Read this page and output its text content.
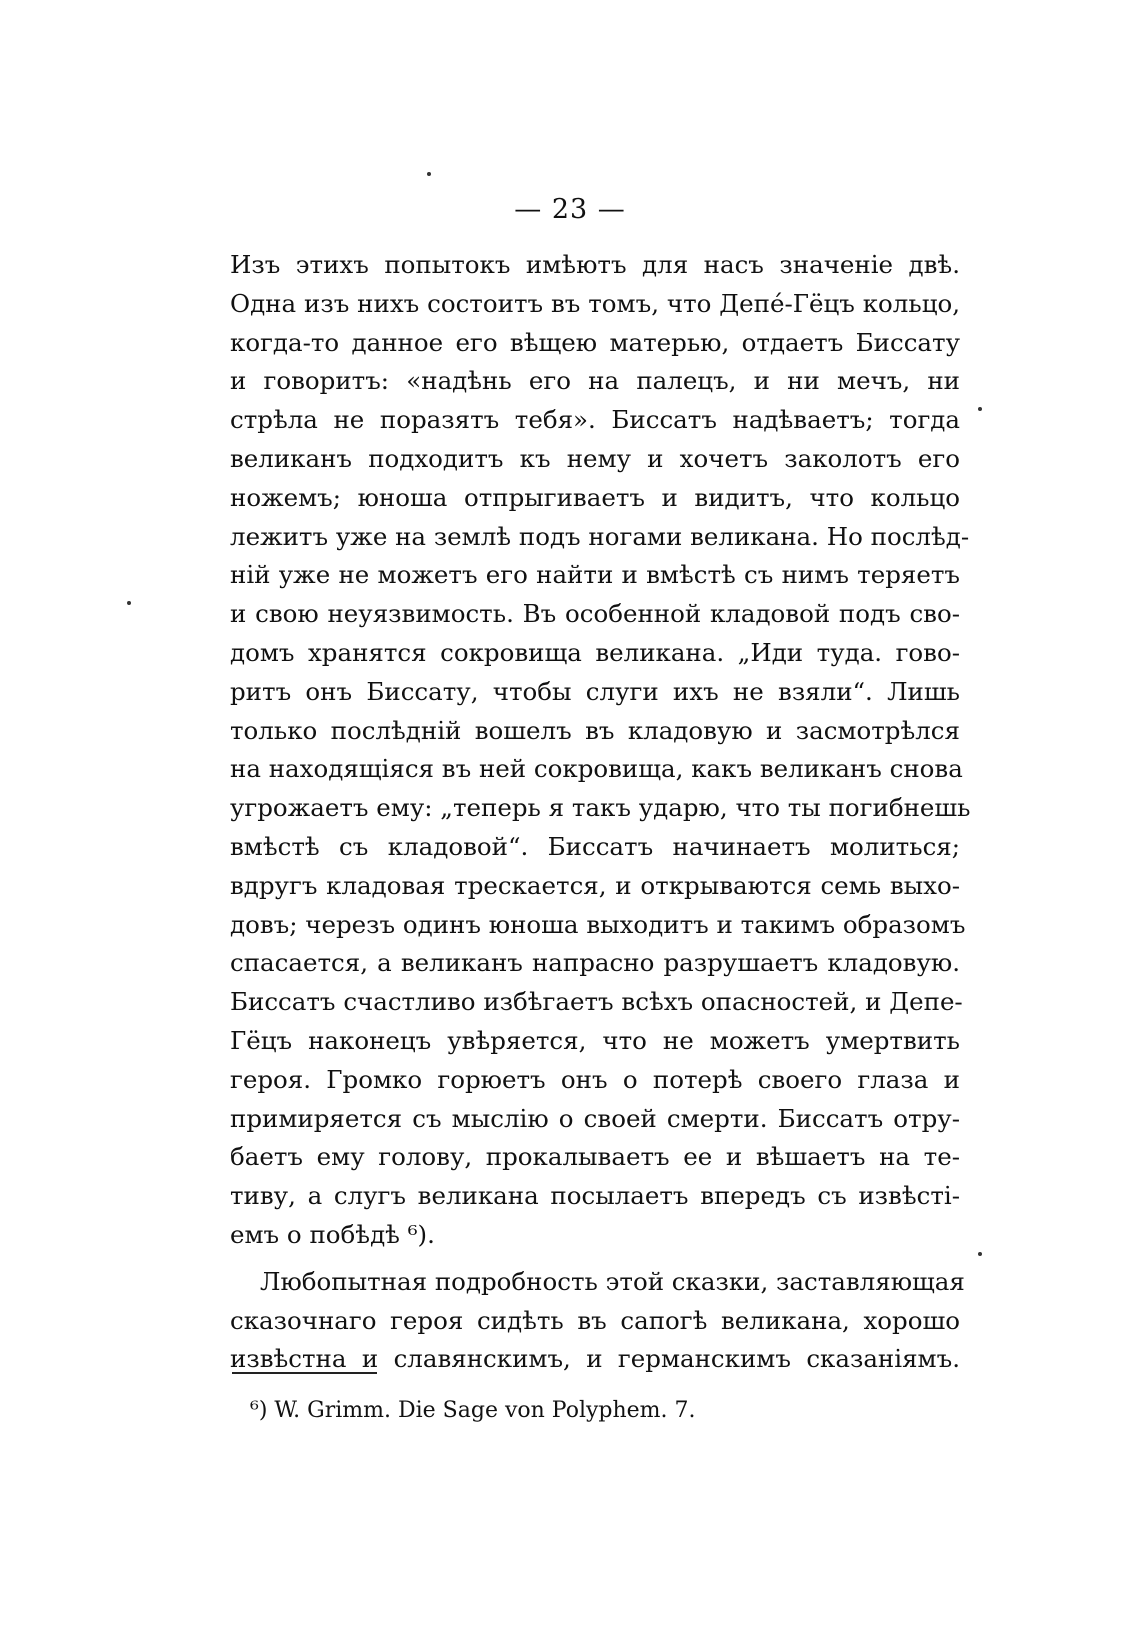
— 23 —
Изъ этихъ попытокъ имѣютъ для насъ значеніе двѣ.
Одна изъ нихъ состоитъ въ томъ, что Депé-Гёцъ кольцо,
когда-то данное его вѣщею матерью, отдаетъ Биссату
и говоритъ: «надѣнь его на палецъ, и ни мечъ, ни
стрѣла не поразятъ тебя». Биссатъ надѣваетъ; тогда
великанъ подходитъ къ нему и хочетъ заколотъ его
ножемъ; юноша отпрыгиваетъ и видитъ, что кольцо
лежитъ уже на землѣ подъ ногами великана. Но послѣд-
ній уже не можетъ его найти и вмѣстѣ съ нимъ теряетъ
и свою неуязвимость. Въ особенной кладовой подъ сво-
домъ хранятся сокровища великана. „Иди туда. гово-
ритъ онъ Биссату, чтобы слуги ихъ не взяли“. Лишь
только послѣдній вошелъ въ кладовую и засмотрѣлся
на находящіяся въ ней сокровища, какъ великанъ снова
угрожаетъ ему: „теперь я такъ ударю, что ты погибнешь
вмѣстѣ съ кладовой“. Биссатъ начинаетъ молиться;
вдругъ кладовая трескается, и открываются семь выхо-
довъ; черезъ одинъ юноша выходитъ и такимъ образомъ
спасается, а великанъ напрасно разрушаетъ кладовую.
Биссатъ счастливо избѣгаетъ всѣхъ опасностей, и Депе-
Гёцъ наконецъ увѣряется, что не можетъ умертвить
героя. Громко горюетъ онъ о потерѣ своего глаза и
примиряется съ мыслію о своей смерти. Биссатъ отру-
баетъ ему голову, прокалываетъ ее и вѣшаетъ на те-
тиву, а слугъ великана посылаетъ впередъ съ извѣсті-
емъ о побѣдѣ ⁶).
Любопытная подробность этой сказки, заставляющая
сказочнаго героя сидѣть въ сапогѣ великана, хорошо
извѣстна и славянскимъ, и германскимъ сказаніямъ.
⁶) W. Grimm. Die Sage von Polyphem. 7.
